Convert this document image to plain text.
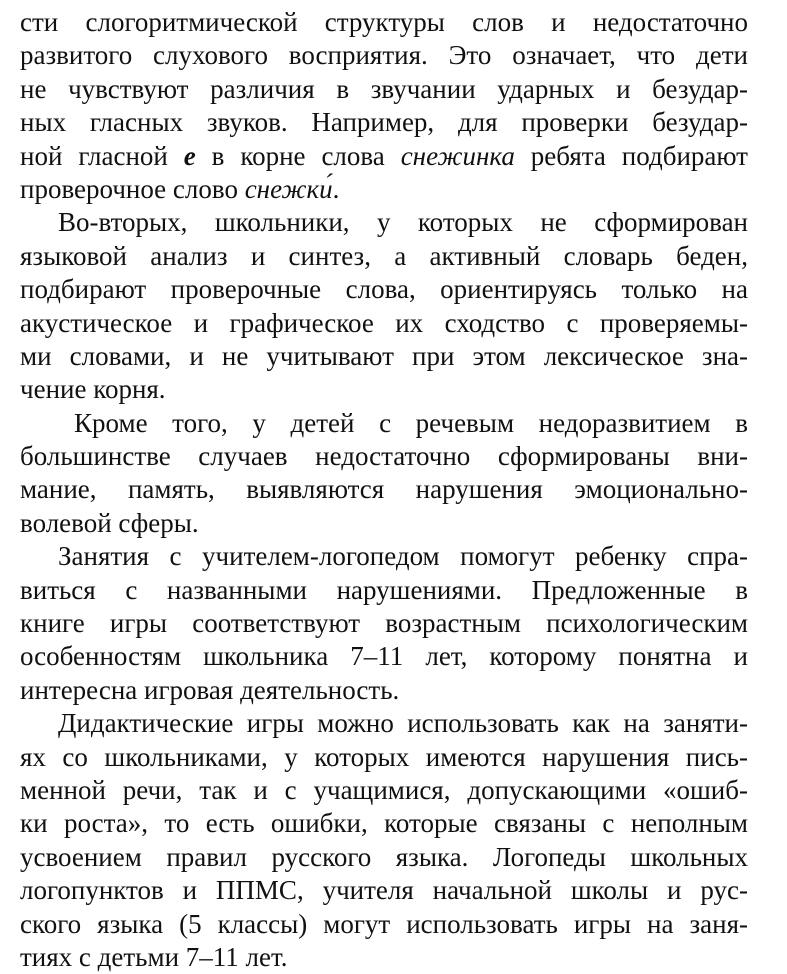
сти слогоритмической структуры слов и недостаточно
развитого слухового восприятия. Это означает, что дети
не чувствуют различия в звучании ударных и безудар-
ных гласных звуков. Например, для проверки безудар-
ной гласной е в корне слова снежинка ребята подбирают
проверочное слово снежки́.
Во-вторых, школьники, у которых не сформирован
языковой анализ и синтез, а активный словарь беден,
подбирают проверочные слова, ориентируясь только на
акустическое и графическое их сходство с проверяемы-
ми словами, и не учитывают при этом лексическое зна-
чение корня.
Кроме того, у детей с речевым недоразвитием в
большинстве случаев недостаточно сформированы вни-
мание, память, выявляются нарушения эмоционально-
волевой сферы.
Занятия с учителем-логопедом помогут ребенку спра-
виться с названными нарушениями. Предложенные в
книге игры соответствуют возрастным психологическим
особенностям школьника 7–11 лет, которому понятна и
интересна игровая деятельность.
Дидактические игры можно использовать как на заняти-
ях со школьниками, у которых имеются нарушения пись-
менной речи, так и с учащимися, допускающими «ошиб-
ки роста», то есть ошибки, которые связаны с неполным
усвоением правил русского языка. Логопеды школьных
логопунктов и ППМС, учителя начальной школы и рус-
ского языка (5 классы) могут использовать игры на заня-
тиях с детьми 7–11 лет.
